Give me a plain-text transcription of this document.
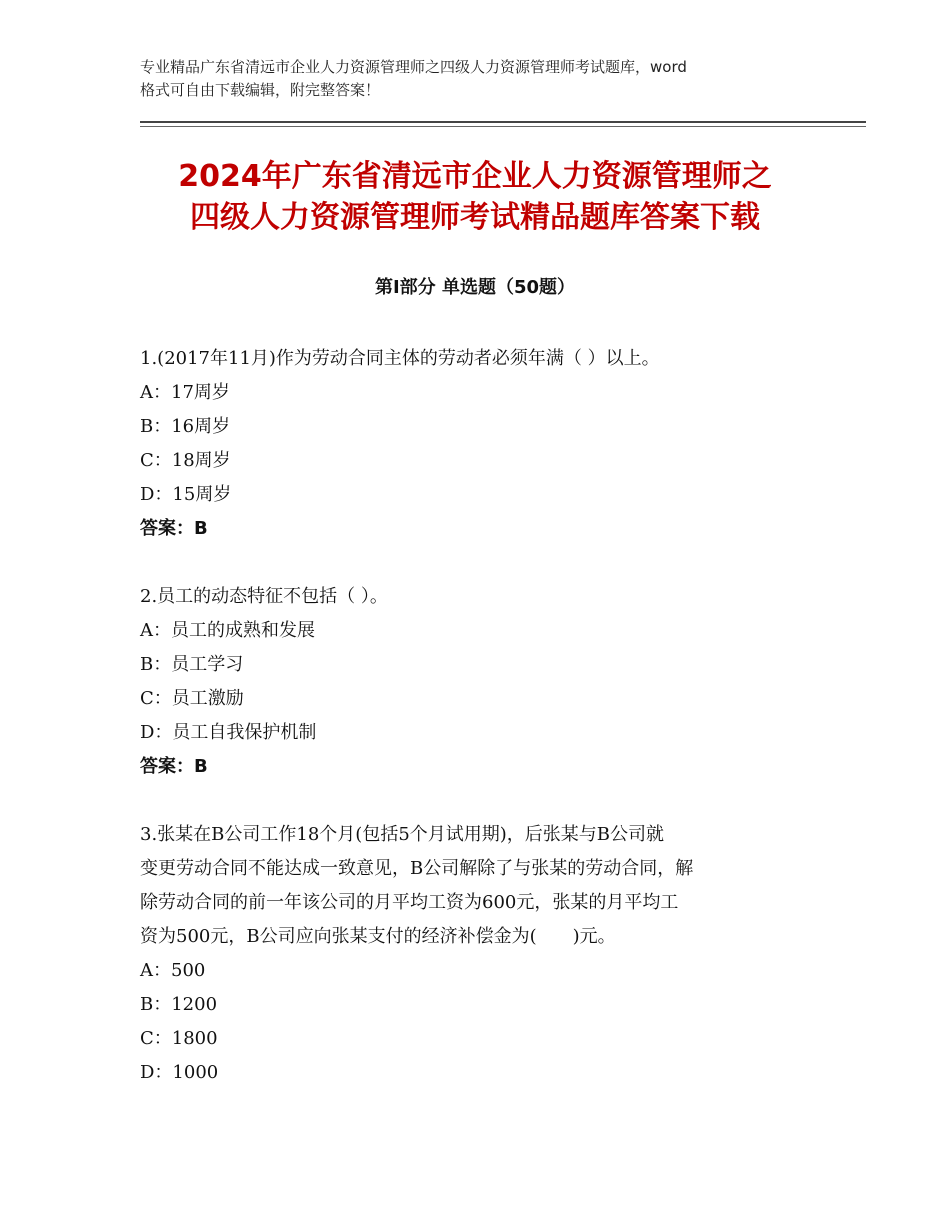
专业精品广东省清远市企业人力资源管理师之四级人力资源管理师考试题库，word
格式可自由下载编辑，附完整答案！
2024年广东省清远市企业人力资源管理师之
四级人力资源管理师考试精品题库答案下载
第Ⅰ部分 单选题（50题）
1.(2017年11月)作为劳动合同主体的劳动者必须年满（ ）以上。
A：17周岁
B：16周岁
C：18周岁
D：15周岁
答案：B
2.员工的动态特征不包括（ ）。
A：员工的成熟和发展
B：员工学习
C：员工激励
D：员工自我保护机制
答案：B
3.张某在B公司工作18个月(包括5个月试用期)，后张某与B公司就
变更劳动合同不能达成一致意见，B公司解除了与张某的劳动合同，解
除劳动合同的前一年该公司的月平均工资为600元，张某的月平均工
资为500元，B公司应向张某支付的经济补偿金为(　　)元。
A：500
B：1200
C：1800
D：1000
